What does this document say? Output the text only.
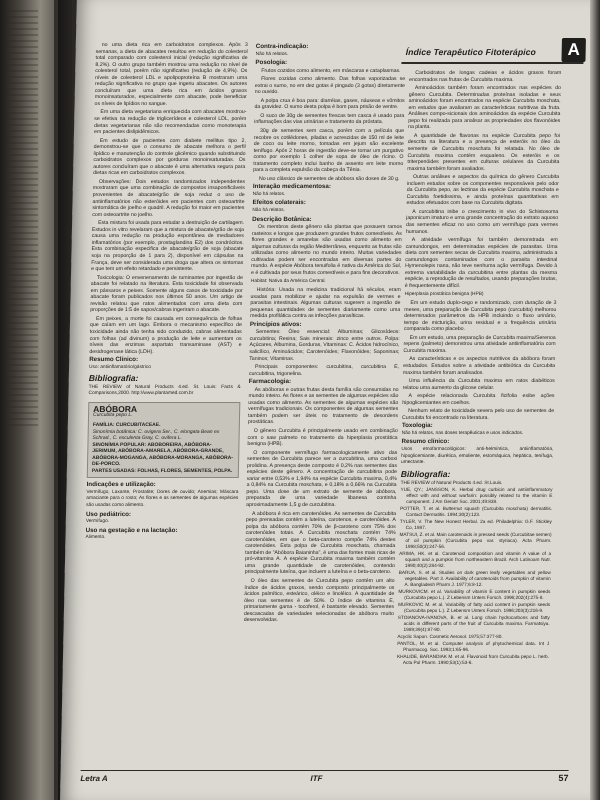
Índice Terapêutico Fitoterápico	A

no uma dieta rica em carboidratos complexos. Após 3 semanas, a dieta de abacates resultou em redução do colesterol total comparado com colesterol inicial (redução significativa de 8,2%). O outro grupo também mostrou uma redução no nível de colesterol total, porém não significativo (redução de 4,9%). Os níveis de colesterol LDL e apolipoproteína B mostraram uma redução significativa no grupo que ingeriu abacates. Os autores concluíram que uma dieta rica em ácidos graxos monoinsaturados, especialmente com abacate, pode beneficiar os níveis de lipídios no sangue.

Em uma dieta vegetariana enriquecida com abacates mostrou-se efetiva na redução de triglicerídeos e colesterol LDL, porém dietas vegetarianas não são recomendadas como monoterapia em pacientes dislipidêmicos.

Em estudo de pacientes com diabete mellitus tipo 2, demonstrou-se que o consumo de abacate melhora o perfil lipídico e manutenção do controle glicêmico quando substituindo carboidratos complexos por gorduras monoinsaturadas. Os autores concluíram que o abacate é uma alternativa segura para dietas ricas em carboidratos complexos.

Observações: Dois estudos randomizados independentes mostraram que uma combinação de compostos insaponificáveis provenientes de abacate/grão de soja reduz o uso de antiinflamatórios não esteróides em pacientes com osteoartrite sintomática de joelho e quadril. A redução foi maior em pacientes com osteoartrite no joelho.

Esta mistura foi usada para estudar a destruição de cartilagem. Estudos in vitro revelaram que a mistura de abacate/grão de soja causa uma redução na produção espontânea de mediadores inflamatórios (por exemplo, prostaglandina E2) dos condrócitos. Esta combinação especifica de abacate/grão de soja (abacate soja na proporção de 1 para 2), disponível em cápsulas na França, deve ser considerada uma droga que altera os sintomas e que tem um efeito retardado e persistente.

Toxicologia: O envenenamento de ruminantes por ingestão de abacate foi relatado na literatura. Esta toxicidade foi observada em pássaros e peixes. Somente alguns casos de toxicidade por abacate foram publicados nos últimos 50 anos. Um artigo de revisão relatou que ratos alimentados com uma dieta com proporções de 1:5 de sapos/cabras ingeriram o abacate.

Em peixes, a morte foi causada em consequência de folhas que caíam em um lago. Embora o mecanismo específico de toxicidade ainda não tenha sido conduzido, cabras alimentadas com folhas (ad divinum) a produção de leite e aumentam os níveis das enzimas aspartato transaminase (AST) e desidrogenase lática (LDH).

Resumo Clínico:

Uso: antiinflamatório/gástrico

Bibliografia:

THE REVIEW of Natural Products 4.ed. St. Louis: Facts & Comparisons,2000. http://www.plantamed.com.br

ABÓBORA
Curcubita pepo L.

FAMÍLIA: CURCUBITACEAE.

Sinonímia botânica: C. ovigera Ser., C. elongata Bean ex Schrad., C. esculenta Gray, C. ovifera L.

SINONÍMIA POPULAR: ABOBOREIRA, ABÓBORA-JERIMUM, ABÓBORA-AMARELA, ABÓBORA-GRANDE, ABÓBORA-MOGANGA, ABÓBORA-MORANGA, ABÓBORA-DE-PORCO.

PARTES USADAS: FOLHAS, FLORES, SEMENTES, POLPA.

Indicações e utilização:

Vermífugo, Laxante, Prostatite; Dores de ouvido; Anemias; Máscara amaciante para o rosto; As flores e as sementes de algumas espécies são usadas como alimento.

Uso pediátrico:

Vermífugo.

Uso na gestação e na lactação:

Alimento.

Contra-indicação:

Não há relatos.

Posologia:

Frutos cozidos como alimento, em máscaras e cataplasmas.

Flores cozidas como alimento. Das folhas vaporizadas se extrai o sumo, no em dez gotas é pingado (3 gotas) diretamente no ouvido.

A polpa crua é boa para: diarréias, gases, náuseas e vômitos da gravidez. O sumo desta polpa é bom para prisão de ventre.

O suco de 30g de sementes frescas tem casca é usado para inflamações das vias urinárias e tratamento da próstata.

30g de sementes sem casca, porém com a película que recobre os cotilédones, piladas e acrescidas de 150 ml de leite de coco ou leite morno, tomadas em jejum são excelente tenífugo. Após 2 horas de ingestão deve-se tomar um purgativo como por exemplo 1 colher de sopa de óleo de rícino. O tratamento completo inclui banho de assento em leite morno para a completa expulsão da cabeça da Tênia.

No uso clássico de sementes de abóbora são doses de 30 g.

Interação medicamentosa:

Não há relatos.

Efeitos colaterais:

Não há relatos.

Descrição Botânica:

Os membros deste gênero são plantas que possuem ramos rasteiros e longos que produzem grandes frutos comestíveis. As flores grandes e amarelas são usadas como alimento em algumas culturas da região Mediterrânea, enquanto as frutas são utilizadas como alimento no mundo inteiro. Muitas variedades cultivadas podem ser encontradas em diversas partes do mundo. A espécie Abóbora tenuifolia é nativa da América do Sul, e é cultivada por seus frutos comestíveis e para fins decorativos.

Habitat: Nativa da América Central.

História: Usada na medicina tradicional há séculos, eram usadas para mobilizar e ajudar na expulsão de vermes e parasitas intestinais. Algumas culturas sugerem a ingestão de pequenas quantidades de sementes diariamente como uma medida profilática contra as infecções parasíticas.

Princípios ativos:

Sementes: Óleo essencial: Albuminas; Glicosídeos: curcubitina; Resina; Sais minerais: zinco entre outros. Polpa: Açúcares, Albumina, Gorduras, Vitaminas: C. Ácidos hidrocínico, salicílico, Aminoácidos; Carotenóides; Flavonóides; Saponinas; Taninos; Vitaminas.

Principais componentes: curcubitina, curcubitina E, curcubitina, trigonelina.

Farmacologia:

As abóboras e outras frutas desta família são consumidas no mundo inteiro. As flores e as sementes de algumas espécies são usadas como alimento. As sementes de algumas espécies são vermífugas tradicionais. Os componentes de algumas sementes também podem ser úteis no tratamento de desordens prostáticas.

O gênero Curcubita é principalmente usado em combinação com o saw palmeto no tratamento da hiperplasia prostática benigna (HPB).

O componente vermífugo farmacologicamente ativo das sementes de Curcubita parece ser a curcubitina, uma carboxi prolidina. A presença deste composto é 0,2% nas sementes das espécies deste gênero. A concentração de curcubitina pode variar entre 0,53% e 1,94% na espécie Curcubita maxima, 0,4% a 0,84% na Curcubita moschata, e 0,18% a 0,66% na Curcubita pepo. Uma dose de um extrato de semente de abóbora, preparada de uma variedade libanesa continha aproximadamente 1,5 g de curcubitina.

A abóbora é rica em carotenóides. As sementes de Curcubita pepo prensadas contém a luteína, carotenos, e carotenóides. A polpa da abóbora contém 70% de β-caroteno com 75% dos carotenóides totais. A Curcubita moschata contém 74% carotenóides, em que o beta-caroteno compõe 74% destes carotenóides. Esta polpa de Curcubita moschata, chamada também de "Abóbora Baianinha", é uma das fontes mais ricas de pró-vitamina A. A espécie Curcubita maxima também contém uma grande quantidade de carotenóides, contendo principalmente luteína, que incluem a luteína e o beta-caroteno.

O óleo das sementes de Curcubita pepo contém um alto índice de ácidos graxos, sendo composto principalmente os ácidos palmítico, esteárico, oléico e linoléico. A quantidade de óleo nas sementes é de 50%. O índice de vitamina E, primariamente gama - tocoferol, é bastante elevado. Sementes descascadas de variedades selecionadas de abóbora muito desenvolvidas.

Carboidratos de longas cadeias e ácidos graxos foram encontrados nas frutas de Curcubita maxima.

Aminoácidos também foram encontrados nas espécies do gênero Curcubita. Determinadas proteínas isoladas e seus aminoácidos foram encontrados na espécie Curcubita moschata, em estudos que avaliaram as características nutritivas da fruta. Análises compo-sicionais dos aminoácidos da espécie Curcubita pepo foi realizada para analisar as propriedades dos flavonóides na planta.

A quantidade de flavonas na espécie Curcubita pepo foi descrita na literatura e a presença de esteróis no óleo da semente de Curcubita moschata foi relatada. No óleo de Curcubita maxima contém esqualeno. Os esteróis e os triterpenóides presentes em culturas celulares da Curcubita maxima também foram avaliados.

Outras análises e aspectos da química do gênero Curcubita incluem estudos sobre os componentes responsáveis pelo odor da Curcubita pepo, as lectinas da espécie Curcubita moschata e Curcubita foetidissima, e ainda proteínas quantitativas em estudos efetuados com base na Curcubita digitata.

A curcubitina inibe o crescimento in vivo do Schistosoma japonicum imaturo e uma grande concentração do extrato aquoso das sementes eficaz no uso como um vermífugo para vermes humanos.

A atividade vermífuga foi também demonstrada em camundongos, em determinadas espécies de parasitas. Uma dieta com sementes secas de Curcubita maxima, administrada a camundongos contaminados com o parasita intestinal Hymenolepis nana, não teve nenhuma ação vermífuga. Devido à extrema variabilidade da curcubitina entre plantas da mesma espécie, a reprodução de resultados, usando preparações brutas, é frequentemente difícil.

Hiperplasia prostática benigna (HPB)

Em um estudo duplo-cego e randomizado, com duração de 3 meses, uma preparação de Curcubita pepo (curcubita) melhorou determinados parâmetros da HPB incluindo o fluxo urinário, tempo de micturição, urina residual e a frequência urinária comparada como placebo.

Em um estudo, uma preparação de Curcubita maxima/Serenoa repens (palmeto) demonstrou uma atividade antiinflamatória com Curcubita maxima.

As características e os aspectos nutritivos da abóbora foram estudados. Estudos sobre a atividade antibiótica da Curcubita maxima também foram analisados.

Uma influência da Curcubita maxima em ratos diabéticos relatou uma aumento da glicose celular.

A espécie relacionada Curcubita ficifolia exibe ações hipoglicemiantes em coelhos.

Nenhum relato de toxicidade severa pelo uso de sementes de Curcubita foi encontrado na literatura.

Toxologia:

Não há relatos, nas doses terapêuticas e usos indicados.

Resumo clínico:

Usos etnofarmacológicos: anti-helmíntica, antiinflamatória, hipoglicemiante, diurética, emoliente, estomáquica, hepática, tenífuga, umectante.

Bibliografia:

THE REVIEW of Natural Products 4.ed. St.Louis.

YUE, QY.; JANSSON, K. Herbal drug curbicin and antiinflammatory effect with and without warfarin: possibly related to the vitamin E component. J Am Geriatr Soc. 2001;49:838.

POTTER, T. et al. Butternut squash (Curcubita moschata) dermatitis. Contact Dermatitis. 1994;30(2):123.

TYLER, V. The New Honest Herbal. 2a ed. Philadelphia: G.F. Stickley Co, 1987.

MATSUI, Z. et al. Main carotenoids in pressed seeds (Curcubitae semen) of oil pumpkin (Curcubita pepo var. styriaca). Acta Pharm. 1998;50(3):247-56.

ARIMA, HK. et al. Carotenoid composition and vitamin A value of a squash and a pumpkin from northeastern Brazil. Arch Latinoam Nutr. 1990;40(2):284-92.

BARUA, S. et al. Studies on dark green leafy vegetables and yellow vegetables. Part 3. Availability of carotenoids from pumpkin of vitamin A. Bangladesh Pharm J. 1977;6:8-12.

MURKOVICM. et al. Variability of vitamin E content in pumpkin seeds (Curcubita pepo L.). Z Lebensm Unters Forsch. 1996;202(4):275-8.

MURKOVIC M. et al. Variability of fatty acid content in pumpkin seeds (Curcubita pepo L.). Z Lebensm Unters Forsch. 1996;203(3):216-9.

STOIANOVA-IVANOVA, B. et al. Long chain hydrocarbons and fatty acids in different parts of the fruit of Curcubita maxima. Farmatsiya. 1989;39(4):87-90.

Acyclic Sapon. Cosmetic Aerosol. 1975;57:377-80.

PANTOL, M. et al. Computer analysis of phytochemical data. Int J Pharmacog. Soc. 1993;1:65-96.

KHALIDE, BARANDIAK M. et al. Flavonoid from Curcubita pepo L. herb. Acta Pol Pharm. 1990;53(1):53-6.

Letra A	ITF	57
